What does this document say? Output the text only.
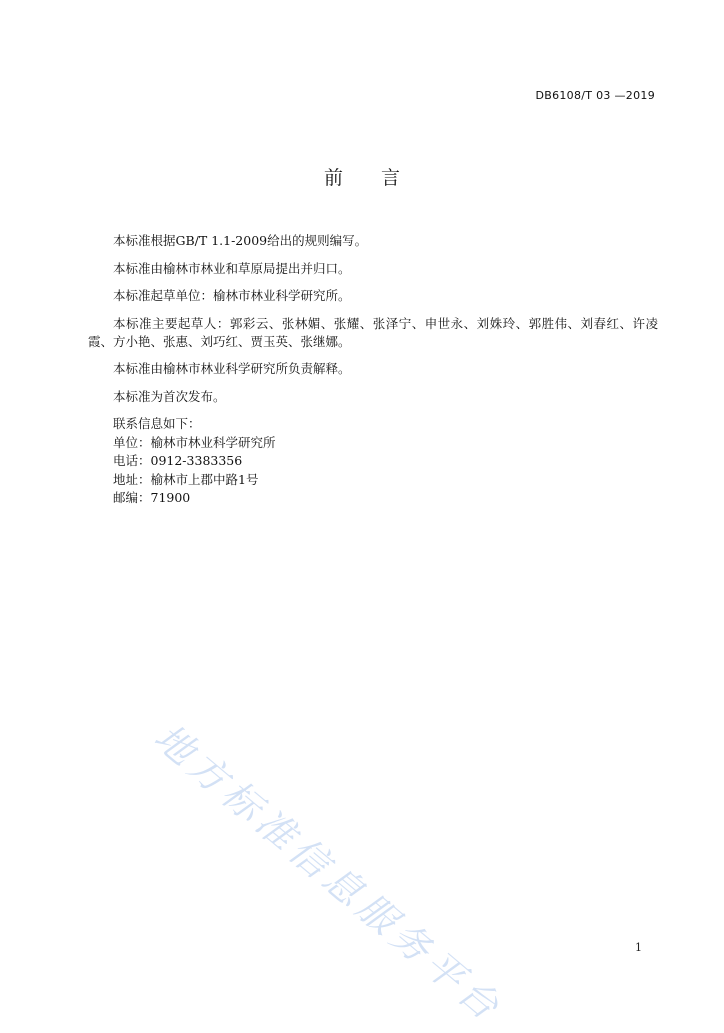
DB6108/T 03 —2019
前言

本标准根据GB/T 1.1-2009给出的规则编写。

本标准由榆林市林业和草原局提出并归口。

本标准起草单位：榆林市林业科学研究所。

本标准主要起草人：郭彩云、张林媚、张耀、张泽宁、申世永、刘姝玲、郭胜伟、刘春红、许凌霞、方小艳、张惠、刘巧红、贾玉英、张继娜。

本标准由榆林市林业科学研究所负责解释。

本标准为首次发布。

联系信息如下：
单位：榆林市林业科学研究所
电话：0912-3383356
地址：榆林市上郡中路1号
邮编：71900
地方标准信息服务平台	1
